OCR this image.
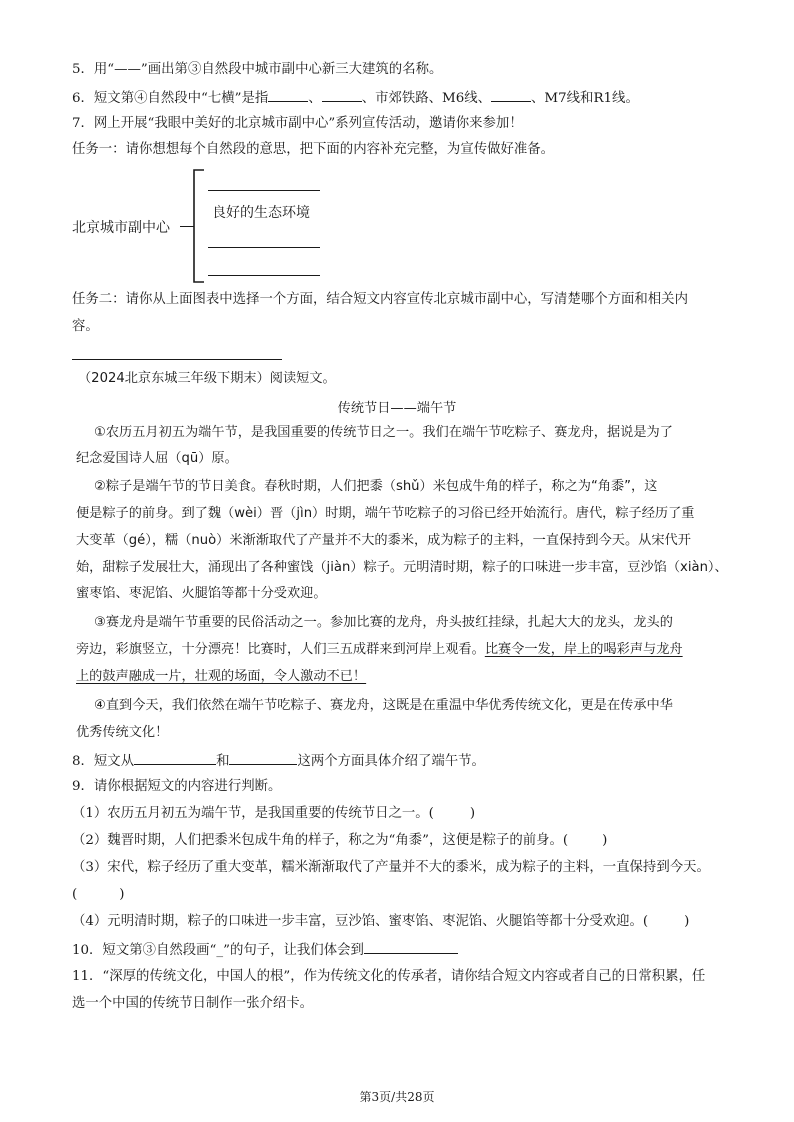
5．用“——”画出第③自然段中城市副中心新三大建筑的名称。
6．短文第④自然段中“七横”是指	、	、市郊铁路、M6线、	、M7线和R1线。
7．网上开展“我眼中美好的北京城市副中心”系列宣传活动，邀请你来参加！
任务一：请你想想每个自然段的意思，把下面的内容补充完整，为宣传做好准备。
北京城市副中心
良好的生态环境
任务二：请你从上面图表中选择一个方面，结合短文内容宣传北京城市副中心，写清楚哪个方面和相关内
容。
（2024北京东城三年级下期末）阅读短文。
传统节日——端午节
①农历五月初五为端午节，是我国重要的传统节日之一。我们在端午节吃粽子、赛龙舟，据说是为了
纪念爱国诗人屈（qū）原。
②粽子是端午节的节日美食。春秋时期，人们把黍（shǔ）米包成牛角的样子，称之为“角黍”，这
便是粽子的前身。到了魏（wèi）晋（jìn）时期，端午节吃粽子的习俗已经开始流行。唐代，粽子经历了重
大变革（gé），糯（nuò）米渐渐取代了产量并不大的黍米，成为粽子的主料，一直保持到今天。从宋代开
始，甜粽子发展壮大，涌现出了各种蜜饯（jiàn）粽子。元明清时期，粽子的口味进一步丰富，豆沙馅（xiàn）、
蜜枣馅、枣泥馅、火腿馅等都十分受欢迎。
③赛龙舟是端午节重要的民俗活动之一。参加比赛的龙舟，舟头披红挂绿，扎起大大的龙头，龙头的
旁边，彩旗竖立，十分漂亮！比赛时，人们三五成群来到河岸上观看。比赛令一发，岸上的喝彩声与龙舟
上的鼓声融成一片，壮观的场面，令人激动不已！
④直到今天，我们依然在端午节吃粽子、赛龙舟，这既是在重温中华优秀传统文化，更是在传承中华
优秀传统文化！
8．短文从	和	这两个方面具体介绍了端午节。
9．请你根据短文的内容进行判断。
（1）农历五月初五为端午节，是我国重要的传统节日之一。(	)
（2）魏晋时期，人们把黍米包成牛角的样子，称之为“角黍”，这便是粽子的前身。(	)
（3）宋代，粽子经历了重大变革，糯米渐渐取代了产量并不大的黍米，成为粽子的主料，一直保持到今天。
(	)
（4）元明清时期，粽子的口味进一步丰富，豆沙馅、蜜枣馅、枣泥馅、火腿馅等都十分受欢迎。(	)
10．短文第③自然段画“_”的句子，让我们体会到
11．“深厚的传统文化，中国人的根”，作为传统文化的传承者，请你结合短文内容或者自己的日常积累，任
选一个中国的传统节日制作一张介绍卡。
第3页/共28页
